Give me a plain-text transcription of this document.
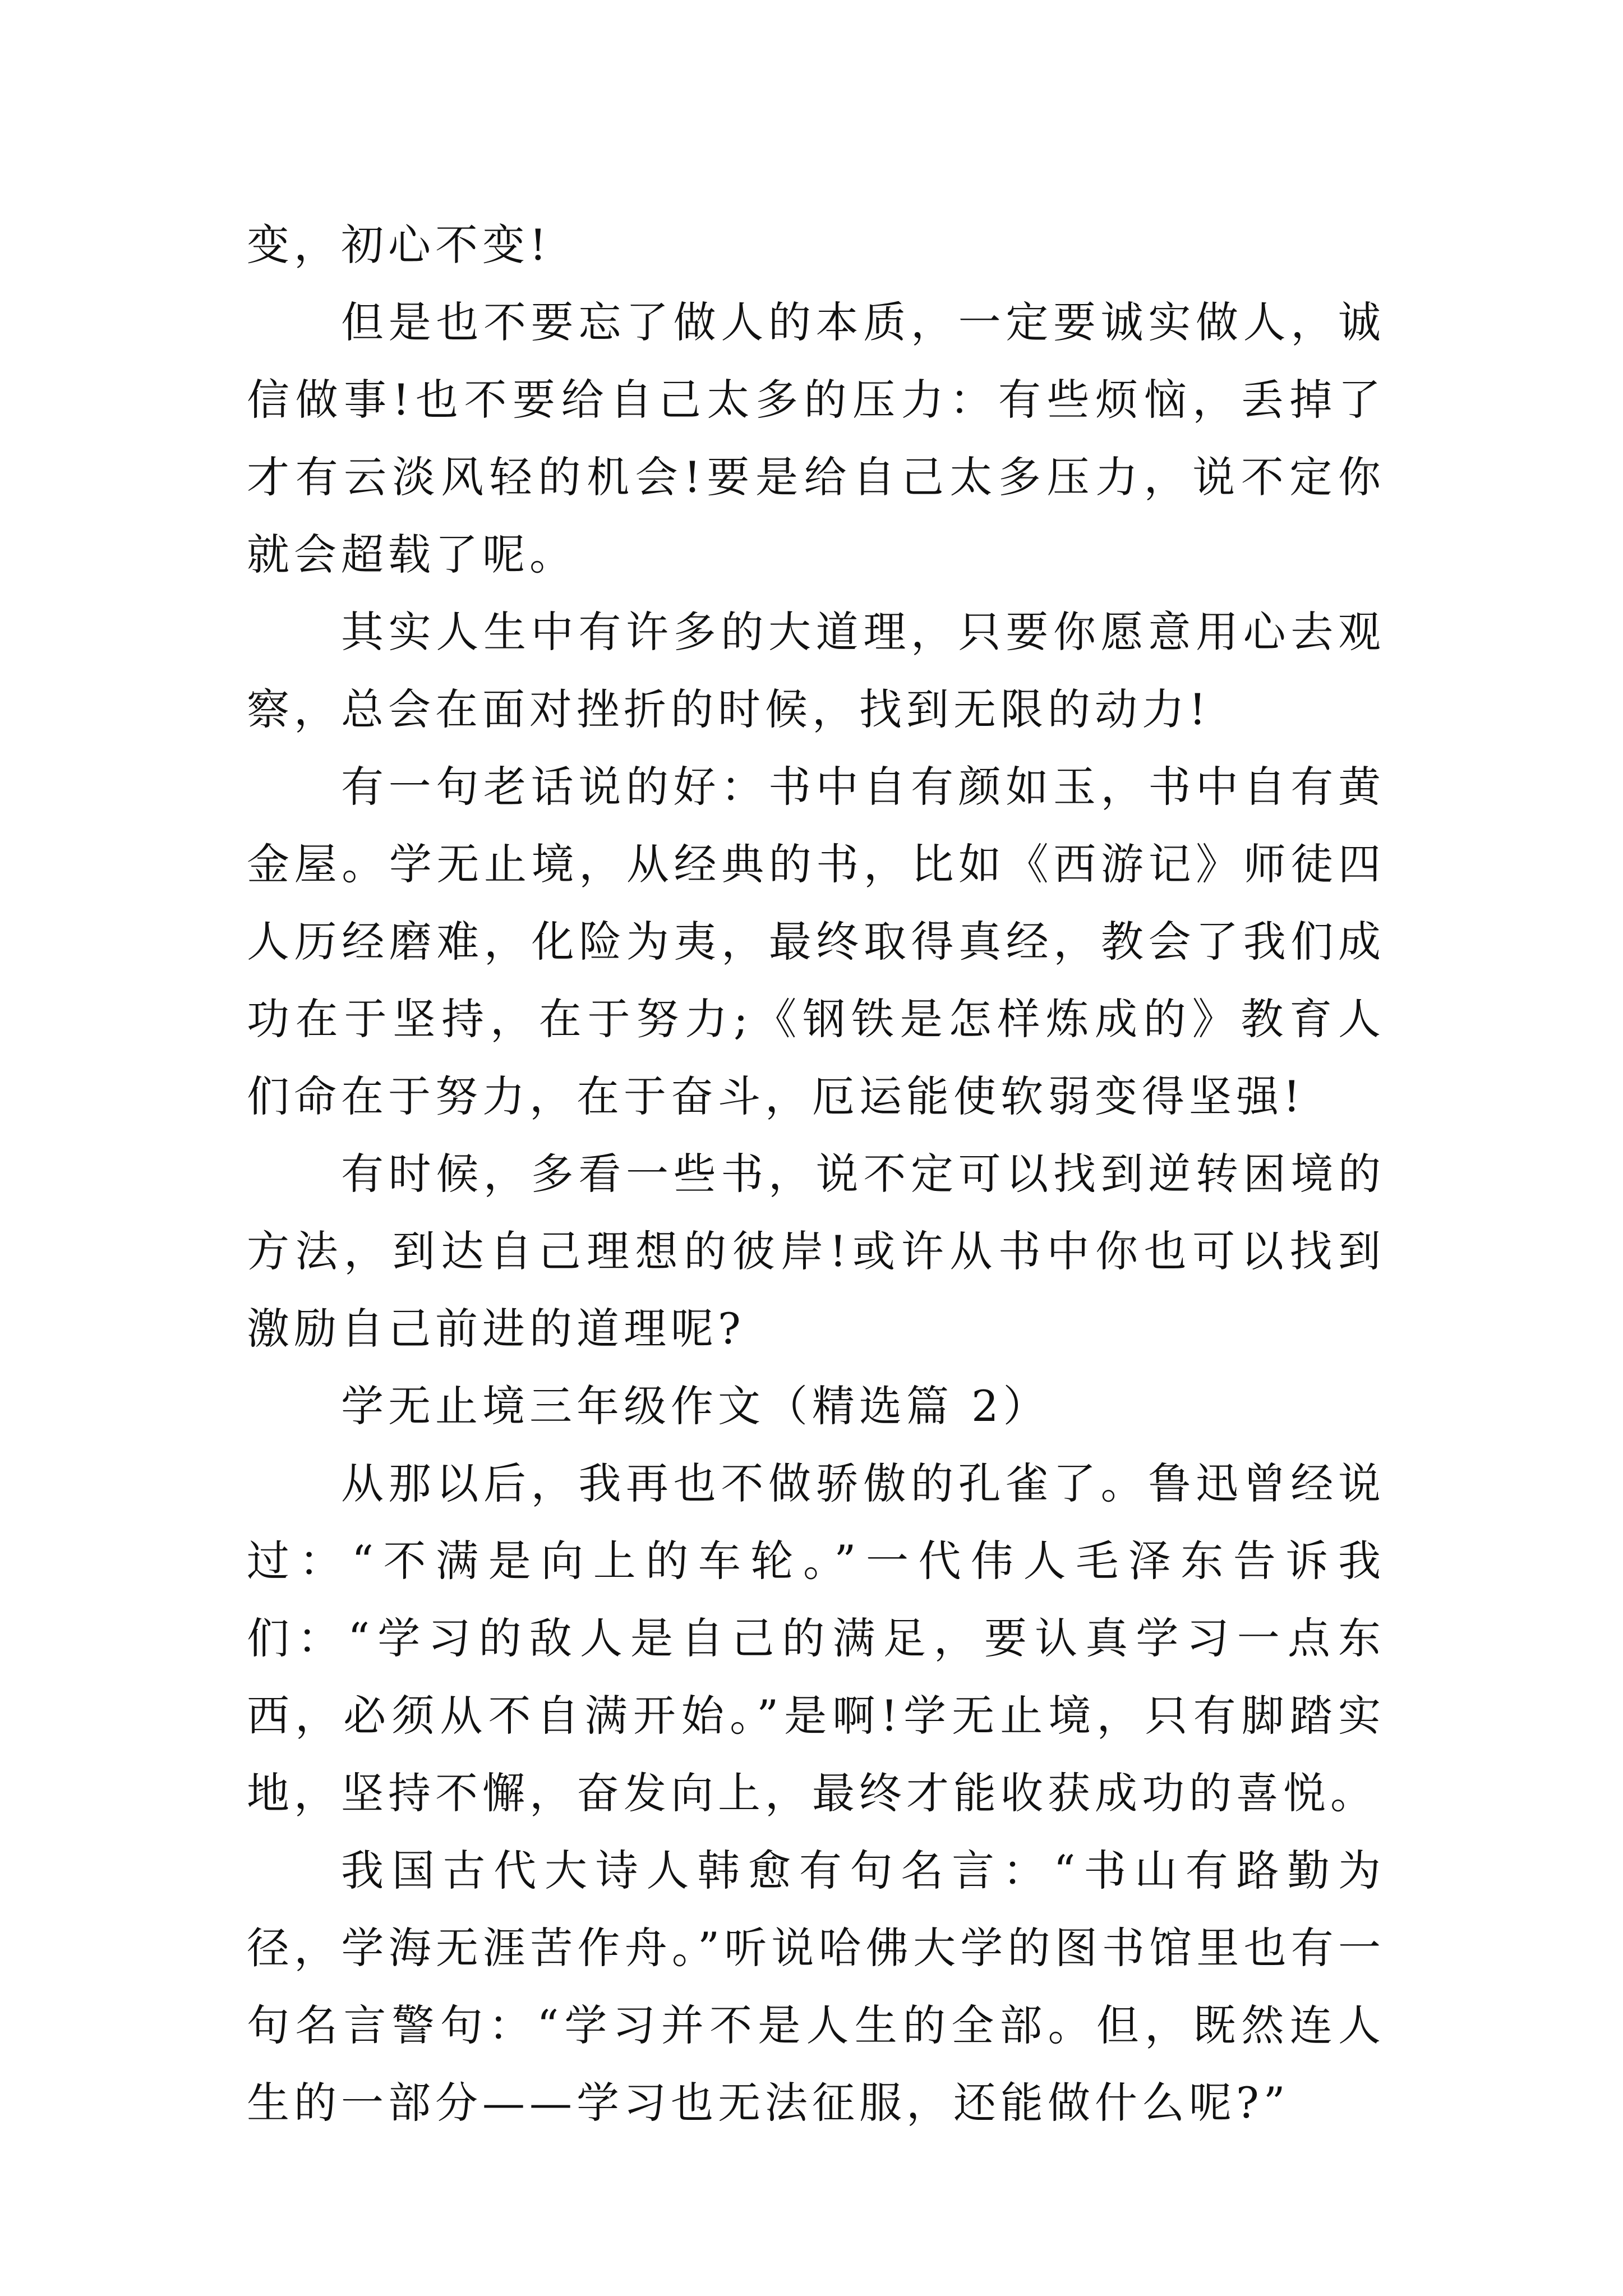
变，初心不变!

但是也不要忘了做人的本质，一定要诚实做人，诚信做事!也不要给自己太多的压力：有些烦恼，丢掉了才有云淡风轻的机会!要是给自己太多压力，说不定你就会超载了呢。

其实人生中有许多的大道理，只要你愿意用心去观察，总会在面对挫折的时候，找到无限的动力!

有一句老话说的好：书中自有颜如玉，书中自有黄金屋。学无止境，从经典的书，比如《西游记》师徒四人历经磨难，化险为夷，最终取得真经，教会了我们成功在于坚持，在于努力;《钢铁是怎样炼成的》教育人们命在于努力，在于奋斗，厄运能使软弱变得坚强!

有时候，多看一些书，说不定可以找到逆转困境的方法，到达自己理想的彼岸!或许从书中你也可以找到激励自己前进的道理呢?

学无止境三年级作文（精选篇 2）

从那以后，我再也不做骄傲的孔雀了。鲁迅曾经说过：“不满是向上的车轮。”一代伟人毛泽东告诉我们：“学习的敌人是自己的满足，要认真学习一点东西，必须从不自满开始。”是啊!学无止境，只有脚踏实地，坚持不懈，奋发向上，最终才能收获成功的喜悦。

我国古代大诗人韩愈有句名言：“书山有路勤为径，学海无涯苦作舟。”听说哈佛大学的图书馆里也有一句名言警句：“学习并不是人生的全部。但，既然连人生的一部分——学习也无法征服，还能做什么呢?”
